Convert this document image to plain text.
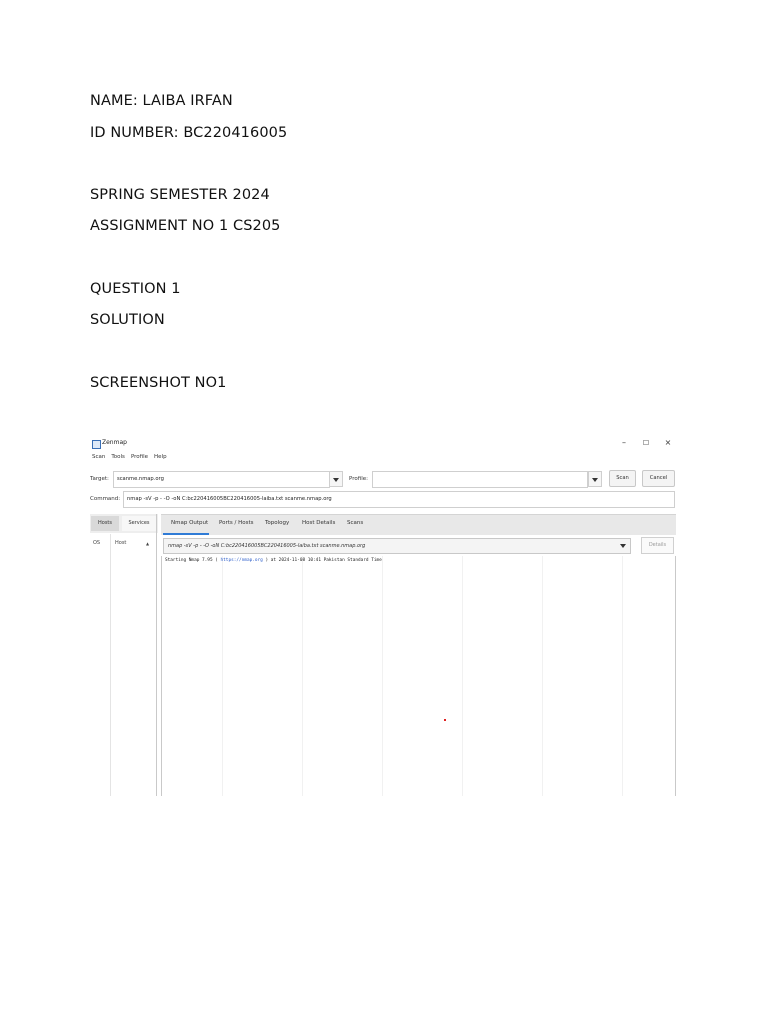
NAME: LAIBA IRFAN
ID NUMBER: BC220416005
SPRING SEMESTER 2024
ASSIGNMENT NO 1 CS205
QUESTION 1
SOLUTION
SCREENSHOT NO1
Zenmap	–	☐	×
Scan Tools Profile Help
Target:	scanme.nmap.org	Profile:	Scan	Cancel
Command:	nmap -sV -p - -O -oN C:bc220416005BC220416005-laiba.txt scanme.nmap.org
Hosts	Services
OS	Host	▲
Nmap Output Ports / Hosts Topology Host Details Scans
nmap -sV -p - -O -oN C:bc220416005BC220416005-laiba.txt scanme.nmap.org	Details
Starting Nmap 7.95 ( https://nmap.org ) at 2024-11-08 10:41 Pakistan Standard Time
